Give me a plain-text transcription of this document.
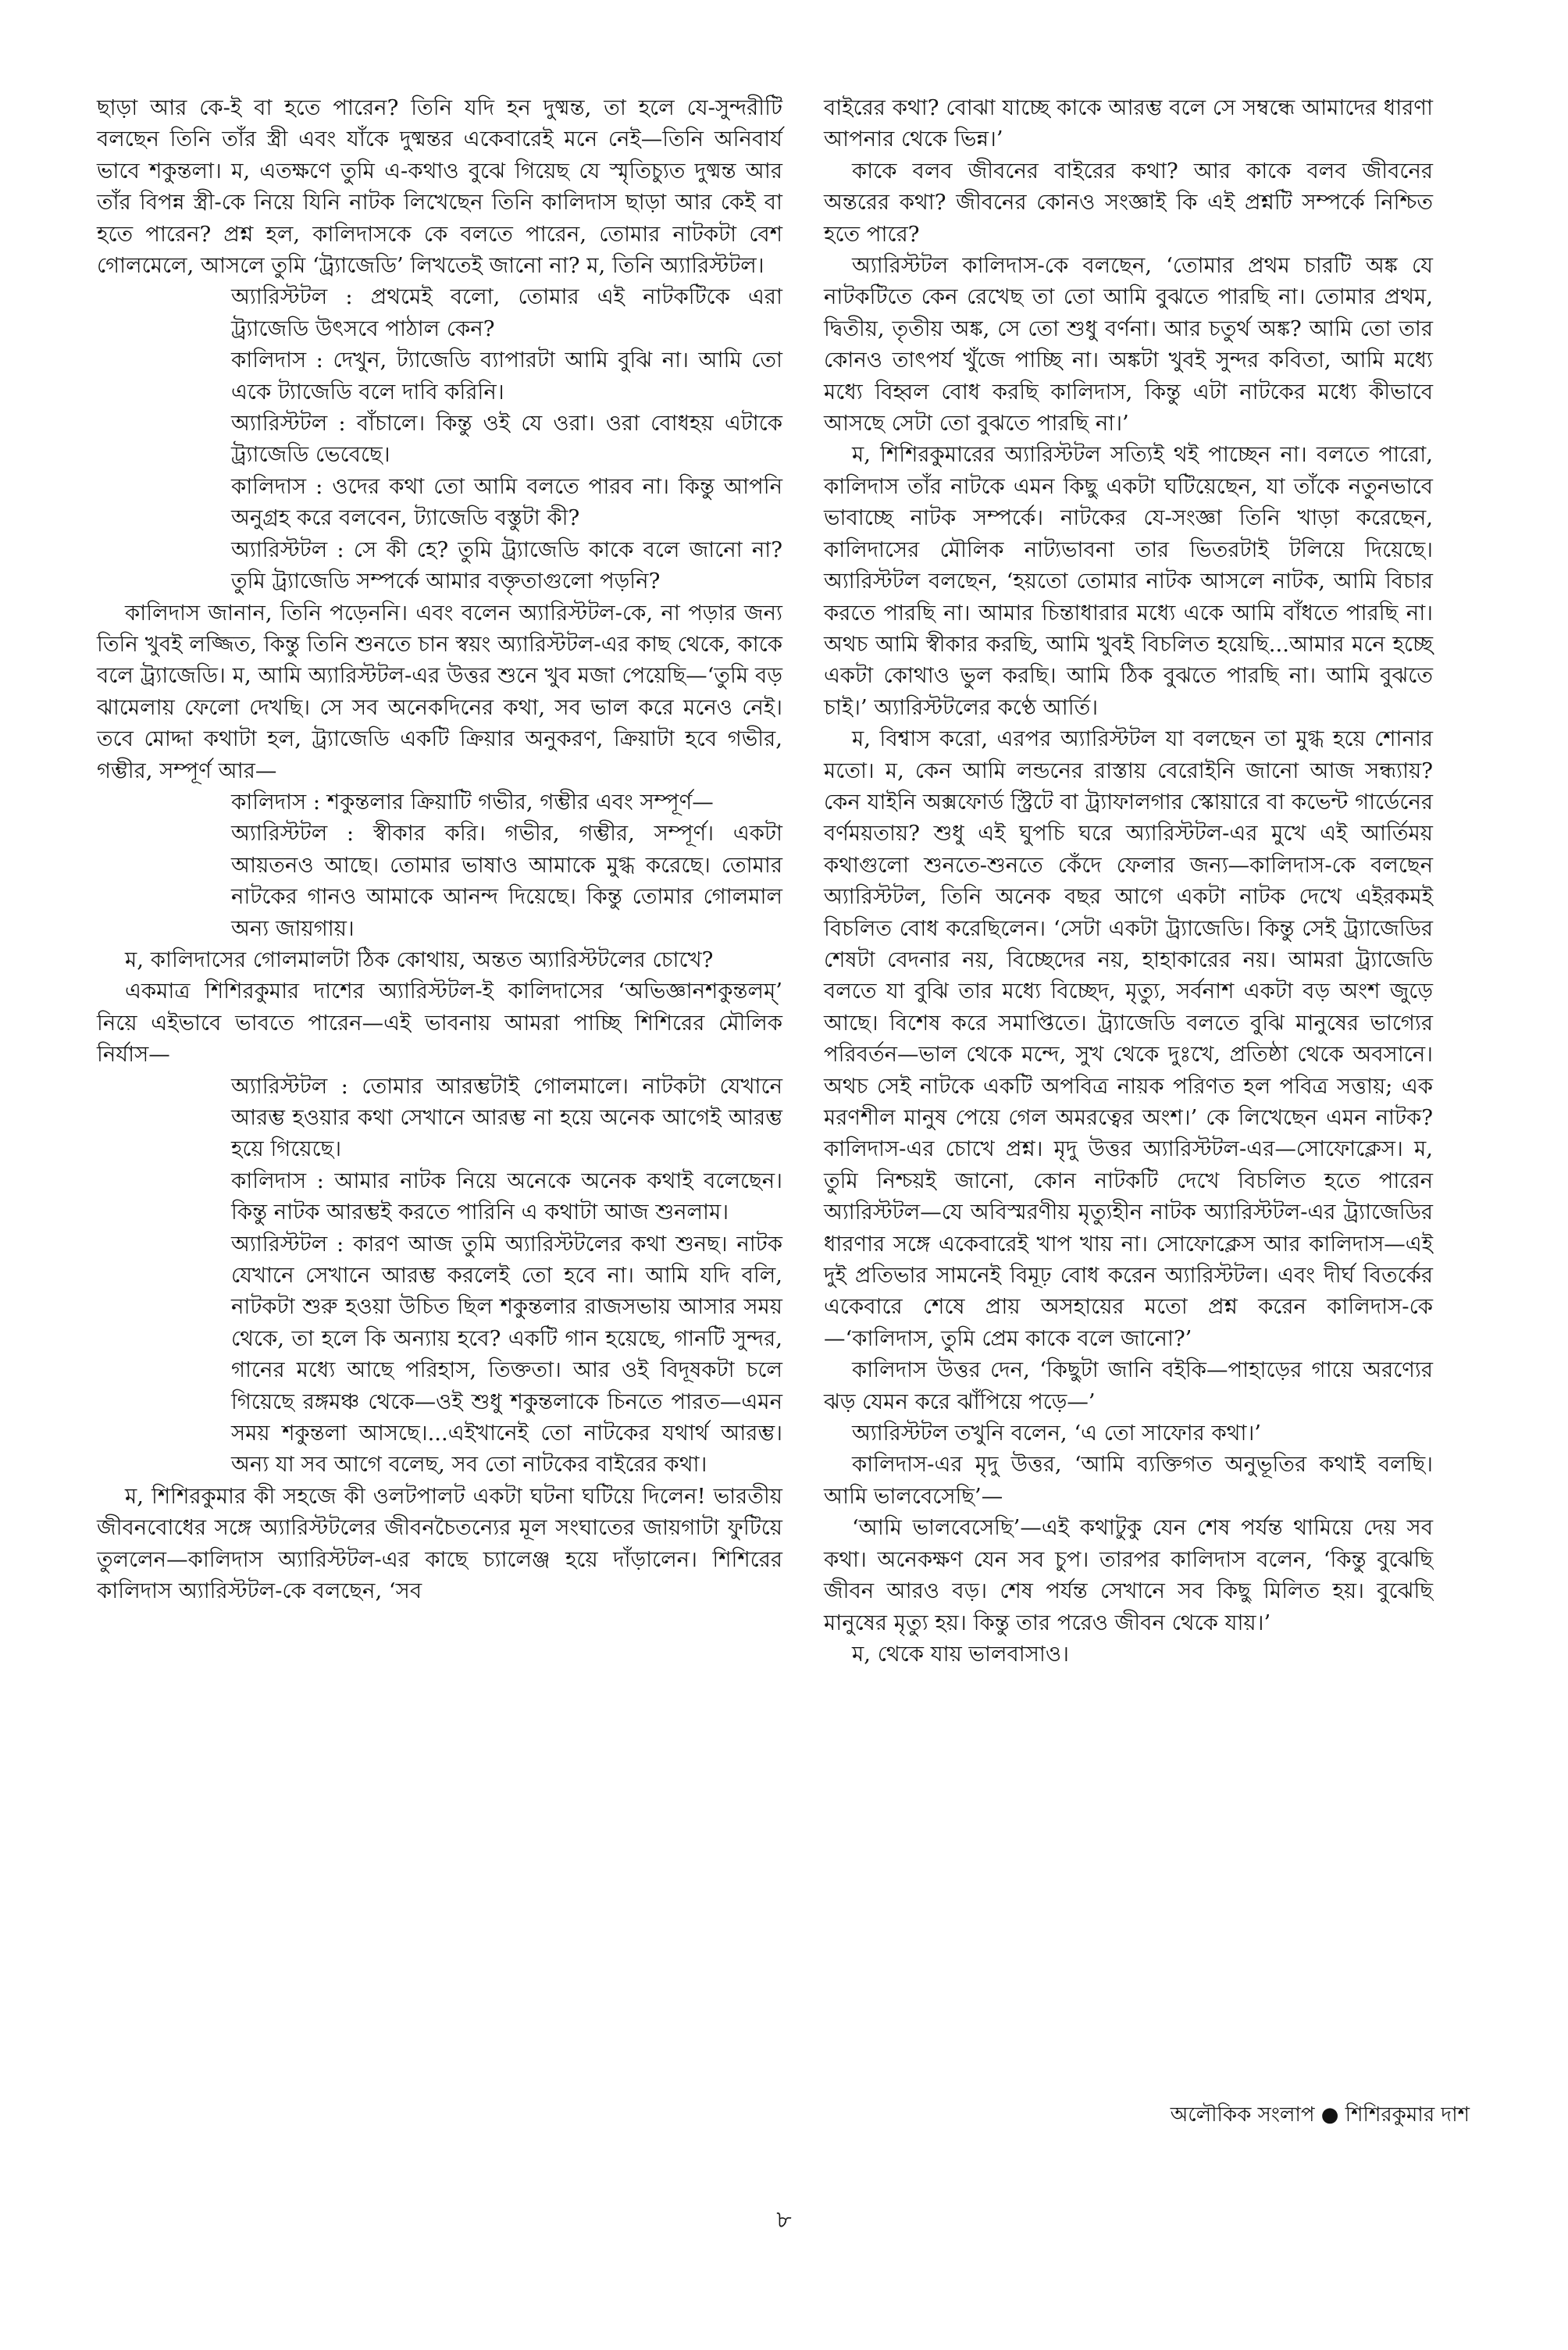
ছাড়া আর কে-ই বা হতে পারেন? তিনি যদি হন দুষ্মন্ত, তা হলে যে-সুন্দরীটি বলছেন তিনি তাঁর স্ত্রী এবং যাঁকে দুষ্মন্তর একেবারেই মনে নেই—তিনি অনিবার্য ভাবে শকুন্তলা। ম, এতক্ষণে তুমি এ-কথাও বুঝে গিয়েছ যে স্মৃতিচ্যুত দুষ্মন্ত আর তাঁর বিপন্ন স্ত্রী-কে নিয়ে যিনি নাটক লিখেছেন তিনি কালিদাস ছাড়া আর কেই বা হতে পারেন? প্রশ্ন হল, কালিদাসকে কে বলতে পারেন, তোমার নাটকটা বেশ গোলমেলে, আসলে তুমি ‘ট্র্যাজেডি’ লিখতেই জানো না? ম, তিনি অ্যারিস্টটল।

অ্যারিস্টটল : প্রথমেই বলো, তোমার এই নাটকটিকে এরা ট্র্যাজেডি উৎসবে পাঠাল কেন?

কালিদাস : দেখুন, ট্যাজেডি ব্যাপারটা আমি বুঝি না। আমি তো একে ট্যাজেডি বলে দাবি করিনি।

অ্যারিস্টটল : বাঁচালে। কিন্তু ওই যে ওরা। ওরা বোধহয় এটাকে ট্র্যাজেডি ভেবেছে।

কালিদাস : ওদের কথা তো আমি বলতে পারব না। কিন্তু আপনি অনুগ্রহ করে বলবেন, ট্যাজেডি বস্তুটা কী?

অ্যারিস্টটল : সে কী হে? তুমি ট্র্যাজেডি কাকে বলে জানো না? তুমি ট্র্যাজেডি সম্পর্কে আমার বক্তৃতাগুলো পড়নি?

কালিদাস জানান, তিনি পড়েননি। এবং বলেন অ্যারিস্টটল-কে, না পড়ার জন্য তিনি খুবই লজ্জিত, কিন্তু তিনি শুনতে চান স্বয়ং অ্যারিস্টটল-এর কাছ থেকে, কাকে বলে ট্র্যাজেডি। ম, আমি অ্যারিস্টটল-এর উত্তর শুনে খুব মজা পেয়েছি—‘তুমি বড় ঝামেলায় ফেলো দেখছি। সে সব অনেকদিনের কথা, সব ভাল করে মনেও নেই। তবে মোদ্দা কথাটা হল, ট্র্যাজেডি একটি ক্রিয়ার অনুকরণ, ক্রিয়াটা হবে গভীর, গম্ভীর, সম্পূর্ণ আর—

কালিদাস : শকুন্তলার ক্রিয়াটি গভীর, গম্ভীর এবং সম্পূর্ণ—

অ্যারিস্টটল : স্বীকার করি। গভীর, গম্ভীর, সম্পূর্ণ। একটা আয়তনও আছে। তোমার ভাষাও আমাকে মুগ্ধ করেছে। তোমার নাটকের গানও আমাকে আনন্দ দিয়েছে। কিন্তু তোমার গোলমাল অন্য জায়গায়।

ম, কালিদাসের গোলমালটা ঠিক কোথায়, অন্তত অ্যারিস্টটলের চোখে?

একমাত্র শিশিরকুমার দাশের অ্যারিস্টটল-ই কালিদাসের ‘অভিজ্ঞানশকুন্তলম্’ নিয়ে এইভাবে ভাবতে পারেন—এই ভাবনায় আমরা পাচ্ছি শিশিরের মৌলিক নির্যাস—

অ্যারিস্টটল : তোমার আরম্ভটাই গোলমালে। নাটকটা যেখানে আরম্ভ হওয়ার কথা সেখানে আরম্ভ না হয়ে অনেক আগেই আরম্ভ হয়ে গিয়েছে।

কালিদাস : আমার নাটক নিয়ে অনেকে অনেক কথাই বলেছেন। কিন্তু নাটক আরম্ভই করতে পারিনি এ কথাটা আজ শুনলাম।

অ্যারিস্টটল : কারণ আজ তুমি অ্যারিস্টটলের কথা শুনছ। নাটক যেখানে সেখানে আরম্ভ করলেই তো হবে না। আমি যদি বলি, নাটকটা শুরু হওয়া উচিত ছিল শকুন্তলার রাজসভায় আসার সময় থেকে, তা হলে কি অন্যায় হবে? একটি গান হয়েছে, গানটি সুন্দর, গানের মধ্যে আছে পরিহাস, তিক্ততা। আর ওই বিদূষকটা চলে গিয়েছে রঙ্গমঞ্চ থেকে—ওই শুধু শকুন্তলাকে চিনতে পারত—এমন সময় শকুন্তলা আসছে।...এইখানেই তো নাটকের যথার্থ আরম্ভ। অন্য যা সব আগে বলেছ, সব তো নাটকের বাইরের কথা।

ম, শিশিরকুমার কী সহজে কী ওলটপালট একটা ঘটনা ঘটিয়ে দিলেন! ভারতীয় জীবনবোধের সঙ্গে অ্যারিস্টটলের জীবনচৈতন্যের মূল সংঘাতের জায়গাটা ফুটিয়ে তুললেন—কালিদাস অ্যারিস্টটল-এর কাছে চ্যালেঞ্জ হয়ে দাঁড়ালেন। শিশিরের কালিদাস অ্যারিস্টটল-কে বলছেন, ‘সব

বাইরের কথা? বোঝা যাচ্ছে কাকে আরম্ভ বলে সে সম্বন্ধে আমাদের ধারণা আপনার থেকে ভিন্ন।’

কাকে বলব জীবনের বাইরের কথা? আর কাকে বলব জীবনের অন্তরের কথা? জীবনের কোনও সংজ্ঞাই কি এই প্রশ্নটি সম্পর্কে নিশ্চিত হতে পারে?

অ্যারিস্টটল কালিদাস-কে বলছেন, ‘তোমার প্রথম চারটি অঙ্ক যে নাটকটিতে কেন রেখেছ তা তো আমি বুঝতে পারছি না। তোমার প্রথম, দ্বিতীয়, তৃতীয় অঙ্ক, সে তো শুধু বর্ণনা। আর চতুর্থ অঙ্ক? আমি তো তার কোনও তাৎপর্য খুঁজে পাচ্ছি না। অঙ্কটা খুবই সুন্দর কবিতা, আমি মধ্যে মধ্যে বিহ্বল বোধ করছি কালিদাস, কিন্তু এটা নাটকের মধ্যে কীভাবে আসছে সেটা তো বুঝতে পারছি না।’

ম, শিশিরকুমারের অ্যারিস্টটল সত্যিই থই পাচ্ছেন না। বলতে পারো, কালিদাস তাঁর নাটকে এমন কিছু একটা ঘটিয়েছেন, যা তাঁকে নতুনভাবে ভাবাচ্ছে নাটক সম্পর্কে। নাটকের যে-সংজ্ঞা তিনি খাড়া করেছেন, কালিদাসের মৌলিক নাট্যভাবনা তার ভিতরটাই টলিয়ে দিয়েছে। অ্যারিস্টটল বলছেন, ‘হয়তো তোমার নাটক আসলে নাটক, আমি বিচার করতে পারছি না। আমার চিন্তাধারার মধ্যে একে আমি বাঁধতে পারছি না। অথচ আমি স্বীকার করছি, আমি খুবই বিচলিত হয়েছি...আমার মনে হচ্ছে একটা কোথাও ভুল করছি। আমি ঠিক বুঝতে পারছি না। আমি বুঝতে চাই।’ অ্যারিস্টটলের কণ্ঠে আর্তি।

ম, বিশ্বাস করো, এরপর অ্যারিস্টটল যা বলছেন তা মুগ্ধ হয়ে শোনার মতো। ম, কেন আমি লন্ডনের রাস্তায় বেরোইনি জানো আজ সন্ধ্যায়? কেন যাইনি অক্সফোর্ড স্ট্রিটে বা ট্র্যাফালগার স্কোয়ারে বা কভেন্ট গার্ডেনের বর্ণময়তায়? শুধু এই ঘুপচি ঘরে অ্যারিস্টটল-এর মুখে এই আর্তিময় কথাগুলো শুনতে-শুনতে কেঁদে ফেলার জন্য—কালিদাস-কে বলছেন অ্যারিস্টটল, তিনি অনেক বছর আগে একটা নাটক দেখে এইরকমই বিচলিত বোধ করেছিলেন। ‘সেটা একটা ট্র্যাজেডি। কিন্তু সেই ট্র্যাজেডির শেষটা বেদনার নয়, বিচ্ছেদের নয়, হাহাকারের নয়। আমরা ট্র্যাজেডি বলতে যা বুঝি তার মধ্যে বিচ্ছেদ, মৃত্যু, সর্বনাশ একটা বড় অংশ জুড়ে আছে। বিশেষ করে সমাপ্তিতে। ট্র্যাজেডি বলতে বুঝি মানুষের ভাগ্যের পরিবর্তন—ভাল থেকে মন্দে, সুখ থেকে দুঃখে, প্রতিষ্ঠা থেকে অবসানে। অথচ সেই নাটকে একটি অপবিত্র নায়ক পরিণত হল পবিত্র সত্তায়; এক মরণশীল মানুষ পেয়ে গেল অমরত্বের অংশ।’ কে লিখেছেন এমন নাটক? কালিদাস-এর চোখে প্রশ্ন। মৃদু উত্তর অ্যারিস্টটল-এর—সোফোক্লেস। ম, তুমি নিশ্চয়ই জানো, কোন নাটকটি দেখে বিচলিত হতে পারেন অ্যারিস্টটল—যে অবিস্মরণীয় মৃত্যুহীন নাটক অ্যারিস্টটল-এর ট্র্যাজেডির ধারণার সঙ্গে একেবারেই খাপ খায় না। সোফোক্লেস আর কালিদাস—এই দুই প্রতিভার সামনেই বিমূঢ় বোধ করেন অ্যারিস্টটল। এবং দীর্ঘ বিতর্কের একেবারে শেষে প্রায় অসহায়ের মতো প্রশ্ন করেন কালিদাস-কে—‘কালিদাস, তুমি প্রেম কাকে বলে জানো?’

কালিদাস উত্তর দেন, ‘কিছুটা জানি বইকি—পাহাড়ের গায়ে অরণ্যের ঝড় যেমন করে ঝাঁপিয়ে পড়ে—’

অ্যারিস্টটল তখুনি বলেন, ‘এ তো সাফোর কথা।’

কালিদাস-এর মৃদু উত্তর, ‘আমি ব্যক্তিগত অনুভূতির কথাই বলছি। আমি ভালবেসেছি’—

‘আমি ভালবেসেছি’—এই কথাটুকু যেন শেষ পর্যন্ত থামিয়ে দেয় সব কথা। অনেকক্ষণ যেন সব চুপ। তারপর কালিদাস বলেন, ‘কিন্তু বুঝেছি জীবন আরও বড়। শেষ পর্যন্ত সেখানে সব কিছু মিলিত হয়। বুঝেছি মানুষের মৃত্যু হয়। কিন্তু তার পরেও জীবন থেকে যায়।’

ম, থেকে যায় ভালবাসাও।

অলৌকিক সংলাপ ● শিশিরকুমার দাশ
৮
